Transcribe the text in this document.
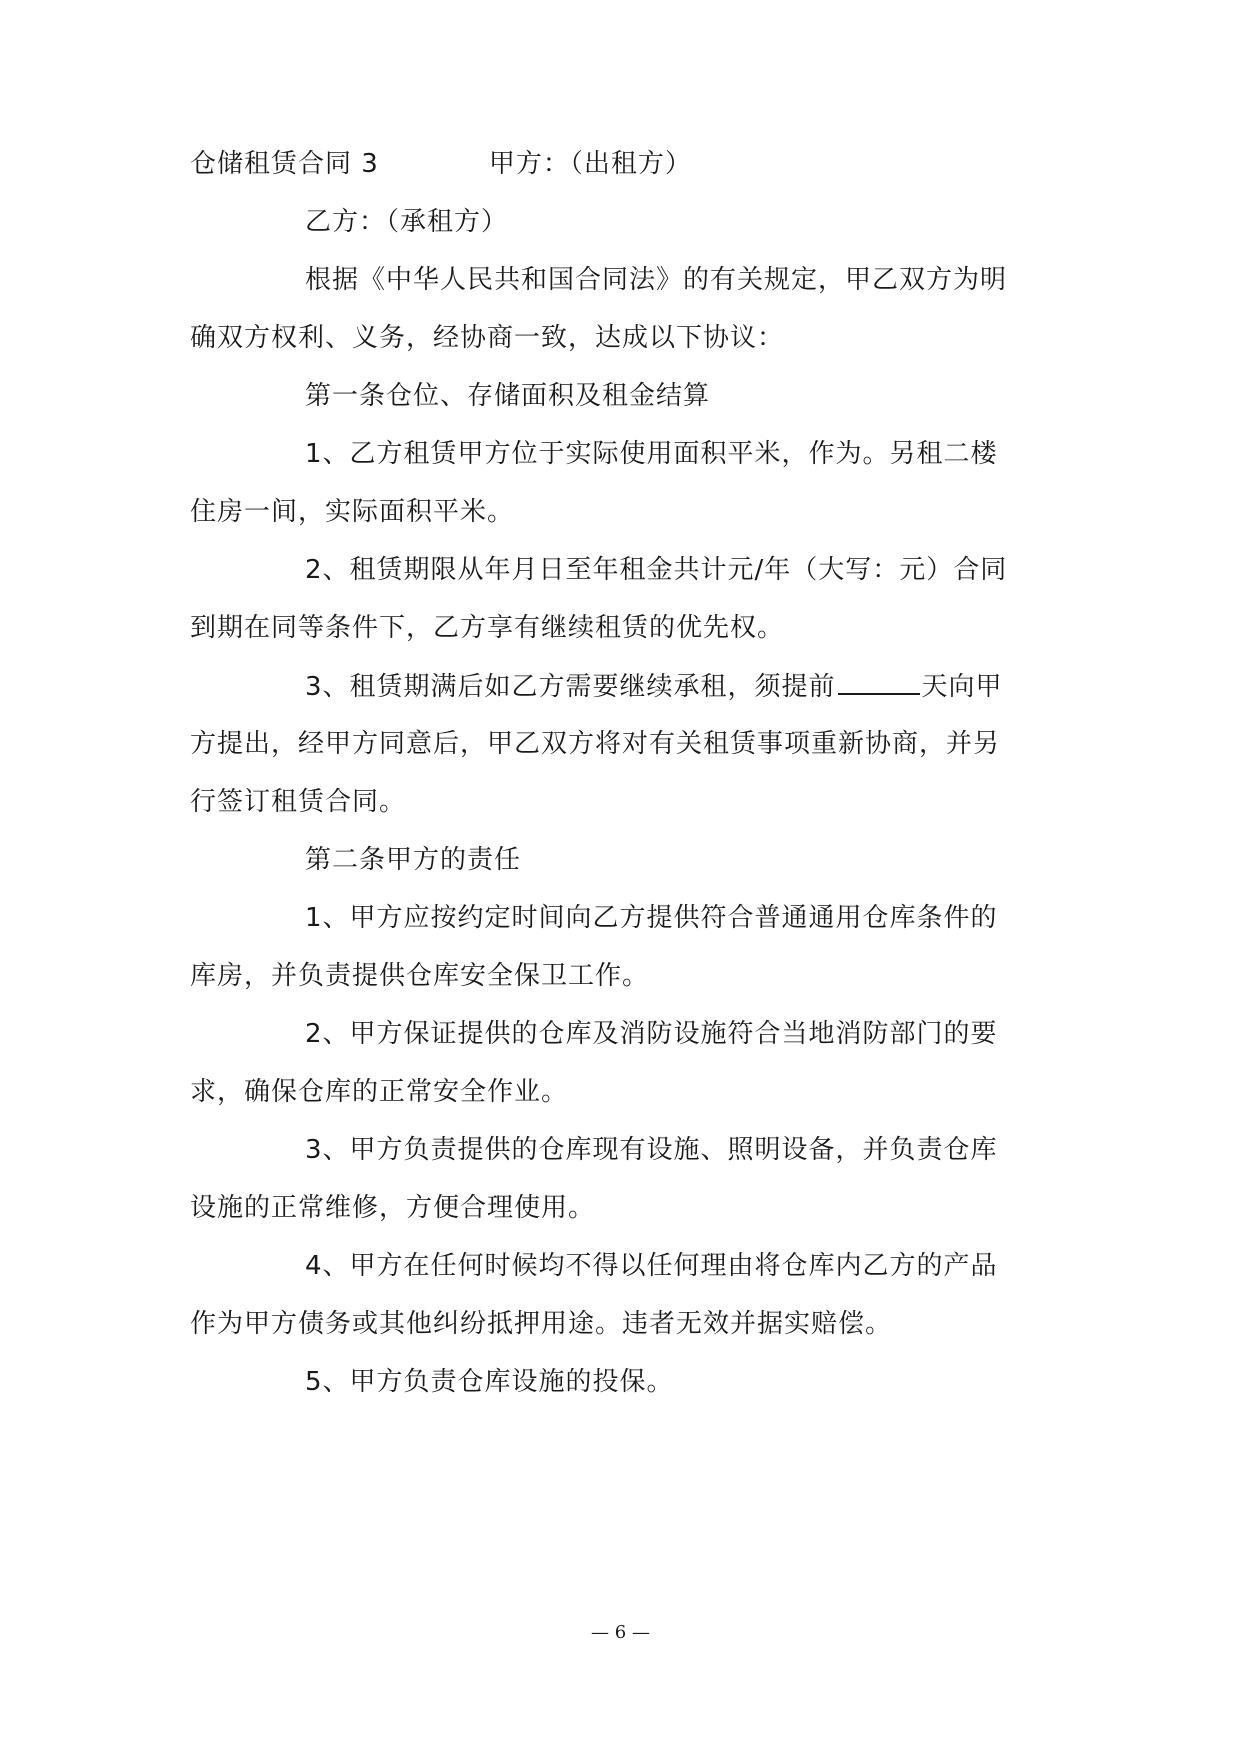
仓储租赁合同 3	甲方：（出租方）
乙方：（承租方）
根据《中华人民共和国合同法》的有关规定，甲乙双方为明
确双方权利、义务，经协商一致，达成以下协议：
第一条仓位、存储面积及租金结算
1、乙方租赁甲方位于实际使用面积平米，作为。另租二楼
住房一间，实际面积平米。
2、租赁期限从年月日至年租金共计元/年（大写：元）合同
到期在同等条件下，乙方享有继续租赁的优先权。
3、租赁期满后如乙方需要继续承租，须提前	天向甲
方提出，经甲方同意后，甲乙双方将对有关租赁事项重新协商，并另
行签订租赁合同。
第二条甲方的责任
1、甲方应按约定时间向乙方提供符合普通通用仓库条件的
库房，并负责提供仓库安全保卫工作。
2、甲方保证提供的仓库及消防设施符合当地消防部门的要
求，确保仓库的正常安全作业。
3、甲方负责提供的仓库现有设施、照明设备，并负责仓库
设施的正常维修，方便合理使用。
4、甲方在任何时候均不得以任何理由将仓库内乙方的产品
作为甲方债务或其他纠纷抵押用途。违者无效并据实赔偿。
5、甲方负责仓库设施的投保。
— 6 —
